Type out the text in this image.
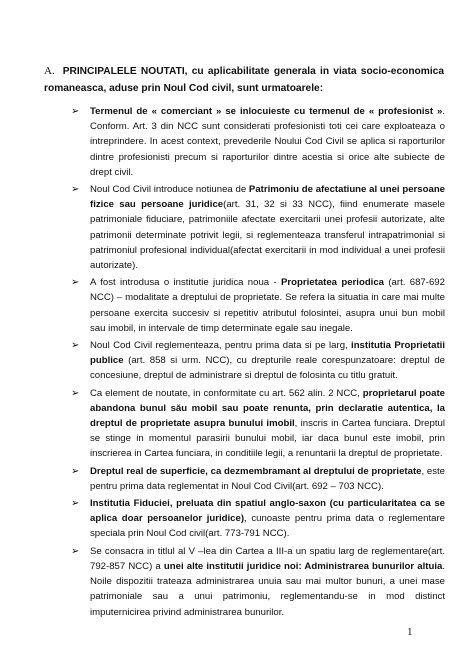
A. PRINCIPALELE NOUTATI, cu aplicabilitate generala in viata socio-economica romaneasca, aduse prin Noul Cod civil, sunt urmatoarele:
➢ Termenul de « comerciant » se inlocuieste cu termenul de « profesionist ». Conform. Art. 3 din NCC sunt considerati profesionisti toti cei care exploateaza o intreprindere. In acest context, prevederile Noului Cod Civil se aplica si raporturilor dintre profesionisti precum si raporturilor dintre acestia si orice alte subiecte de drept civil.
➢ Noul Cod Civil introduce notiunea de Patrimoniu de afectatiune al unei persoane fizice sau persoane juridice(art. 31, 32 si 33 NCC), fiind enumerate masele patrimoniale fiduciare, patrimoniile afectate exercitarii unei profesii autorizate, alte patrimonii determinate potrivit legii, si reglementeaza transferul intrapatrimonial si patrimoniul profesional individual(afectat exercitarii in mod individual a unei profesii autorizate).
➢ A fost introdusa o institutie juridica noua - Proprietatea periodica (art. 687-692 NCC) – modalitate a dreptului de proprietate. Se refera la situatia in care mai multe persoane exercita succesiv si repetitiv atributul folosintei, asupra unui bun mobil sau imobil, in intervale de timp determinate egale sau inegale.
➢ Noul Cod Civil reglementeaza, pentru prima data si pe larg, institutia Proprietatii publice (art. 858 si urm. NCC), cu drepturile reale corespunzatoare: dreptul de concesiune, dreptul de administrare si dreptul de folosinta cu titlu gratuit.
➢ Ca element de noutate, in conformitate cu art. 562 alin. 2 NCC, proprietarul poate abandona bunul său mobil sau poate renunta, prin declaratie autentica, la dreptul de proprietate asupra bunului imobil, inscris in Cartea funciara. Dreptul se stinge in momentul parasirii bunului mobil, iar daca bunul este imobil, prin inscrierea in Cartea funciara, in conditiile legii, a renuntarii la dreptul de proprietate.
➢ Dreptul real de superficie, ca dezmembramant al dreptului de proprietate, este pentru prima data reglementat in Noul Cod Civil(art. 692 – 703 NCC).
➢ Institutia Fiduciei, preluata din spatiul anglo-saxon (cu particularitatea ca se aplica doar persoanelor juridice), cunoaste pentru prima data o reglementare speciala prin Noul Cod civil(art. 773-791 NCC).
➢ Se consacra in titlul al V –lea din Cartea a III-a un spatiu larg de reglementare(art. 792-857 NCC) a unei alte institutii juridice noi: Administrarea bunurilor altuia. Noile dispozitii trateaza administrarea unuia sau mai multor bunuri, a unei mase patrimoniale sau a unui patrimoniu, reglementandu-se in mod distinct imputernicirea privind administrarea bunurilor.
1
